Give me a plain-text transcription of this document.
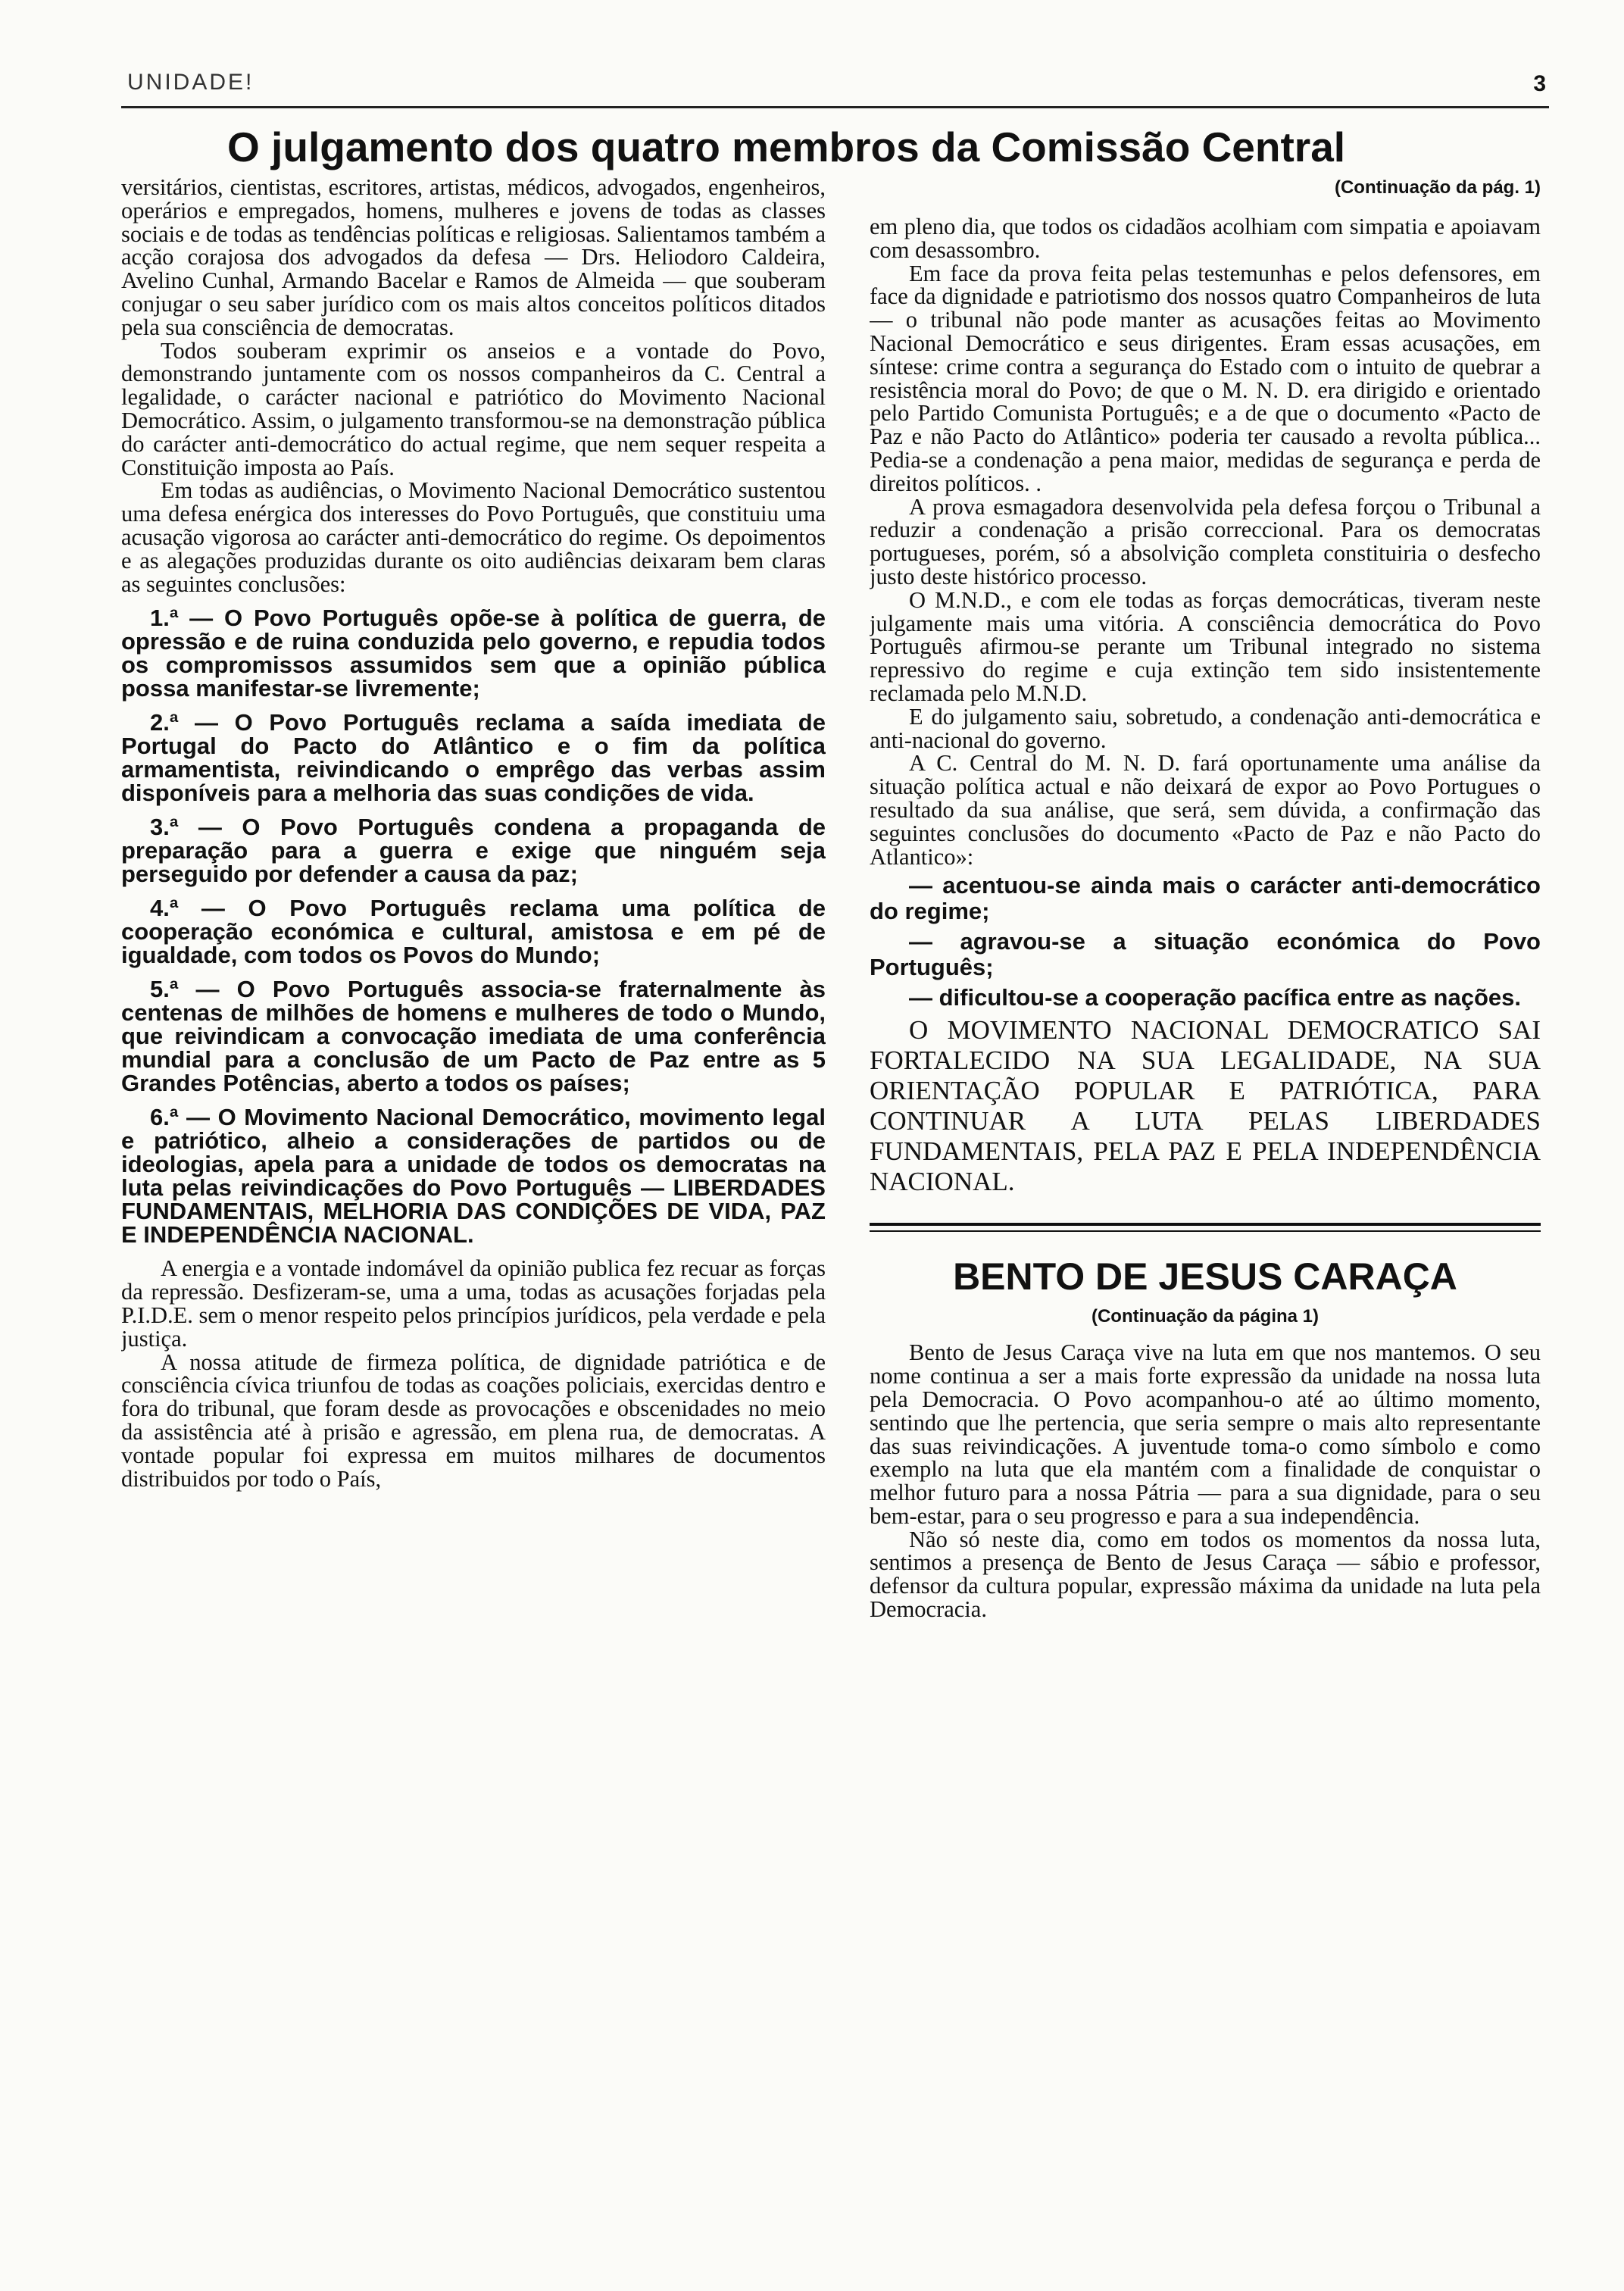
UNIDADE!	3
O julgamento dos quatro membros da Comissão Central

versitários, cientistas, escritores, artistas, médicos, advogados, engenheiros, operários e empregados, homens, mulheres e jovens de todas as classes sociais e de todas as tendências políticas e religiosas. Salientamos também a acção corajosa dos advogados da defesa — Drs. Heliodoro Caldeira, Avelino Cunhal, Armando Bacelar e Ramos de Almeida — que souberam conjugar o seu saber jurídico com os mais altos conceitos políticos ditados pela sua consciência de democratas.

Todos souberam exprimir os anseios e a vontade do Povo, demonstrando juntamente com os nossos companheiros da C. Central a legalidade, o carácter nacional e patriótico do Movimento Nacional Democrático. Assim, o julgamento transformou-se na demonstração pública do carácter anti-democrático do actual regime, que nem sequer respeita a Constituição imposta ao País.

Em todas as audiências, o Movimento Nacional Democrático sustentou uma defesa enérgica dos interesses do Povo Português, que constituiu uma acusação vigorosa ao carácter anti-democrático do regime. Os depoimentos e as alegações produzidas durante os oito audiências deixaram bem claras as seguintes conclusões:

1.ª — O Povo Português opõe-se à política de guerra, de opressão e de ruina conduzida pelo governo, e repudia todos os compromissos assumidos sem que a opinião pública possa manifestar-se livremente;

2.ª — O Povo Português reclama a saída imediata de Portugal do Pacto do Atlântico e o fim da política armamentista, reivindicando o emprêgo das verbas assim disponíveis para a melhoria das suas condições de vida.

3.ª — O Povo Português condena a propaganda de preparação para a guerra e exige que ninguém seja perseguido por defender a causa da paz;

4.ª — O Povo Português reclama uma política de cooperação económica e cultural, amistosa e em pé de igualdade, com todos os Povos do Mundo;

5.ª — O Povo Português associa-se fraternalmente às centenas de milhões de homens e mulheres de todo o Mundo, que reivindicam a convocação imediata de uma conferência mundial para a conclusão de um Pacto de Paz entre as 5 Grandes Potências, aberto a todos os países;

6.ª — O Movimento Nacional Democrático, movimento legal e patriótico, alheio a considerações de partidos ou de ideologias, apela para a unidade de todos os democratas na luta pelas reivindicações do Povo Português — LIBERDADES FUNDAMENTAIS, MELHORIA DAS CONDIÇÕES DE VIDA, PAZ E INDEPENDÊNCIA NACIONAL.

A energia e a vontade indomável da opinião publica fez recuar as forças da repressão. Desfizeram-se, uma a uma, todas as acusações forjadas pela P.I.D.E. sem o menor respeito pelos princípios jurídicos, pela verdade e pela justiça.

A nossa atitude de firmeza política, de dignidade patriótica e de consciência cívica triunfou de todas as coações policiais, exercidas dentro e fora do tribunal, que foram desde as provocações e obscenidades no meio da assistência até à prisão e agressão, em plena rua, de democratas. A vontade popular foi expressa em muitos milhares de documentos distribuidos por todo o País,

(Continuação da pág. 1)

em pleno dia, que todos os cidadãos acolhiam com simpatia e apoiavam com desassombro.

Em face da prova feita pelas testemunhas e pelos defensores, em face da dignidade e patriotismo dos nossos quatro Companheiros de luta — o tribunal não pode manter as acusações feitas ao Movimento Nacional Democrático e seus dirigentes. Eram essas acusações, em síntese: crime contra a segurança do Estado com o intuito de quebrar a resistência moral do Povo; de que o M. N. D. era dirigido e orientado pelo Partido Comunista Português; e a de que o documento «Pacto de Paz e não Pacto do Atlântico» poderia ter causado a revolta pública... Pedia-se a condenação a pena maior, medidas de segurança e perda de direitos políticos. .

A prova esmagadora desenvolvida pela defesa forçou o Tribunal a reduzir a condenação a prisão correccional. Para os democratas portugueses, porém, só a absolvição completa constituiria o desfecho justo deste histórico processo.

O M.N.D., e com ele todas as forças democráticas, tiveram neste julgamente mais uma vitória. A consciência democrática do Povo Português afirmou-se perante um Tribunal integrado no sistema repressivo do regime e cuja extinção tem sido insistentemente reclamada pelo M.N.D.

E do julgamento saiu, sobretudo, a condenação anti-democrática e anti-nacional do governo.

A C. Central do M. N. D. fará oportunamente uma análise da situação política actual e não deixará de expor ao Povo Portugues o resultado da sua análise, que será, sem dúvida, a confirmação das seguintes conclusões do documento «Pacto de Paz e não Pacto do Atlantico»:

— acentuou-se ainda mais o carácter anti-democrático do regime;

— agravou-se a situação económica do Povo Português;

— dificultou-se a cooperação pacífica entre as nações.

O MOVIMENTO NACIONAL DEMOCRATICO SAI FORTALECIDO NA SUA LEGALIDADE, NA SUA ORIENTAÇÃO POPULAR E PATRIÓTICA, PARA CONTINUAR A LUTA PELAS LIBERDADES FUNDAMENTAIS, PELA PAZ E PELA INDEPENDÊNCIA NACIONAL.

BENTO DE JESUS CARAÇA

(Continuação da página 1)

Bento de Jesus Caraça vive na luta em que nos mantemos. O seu nome continua a ser a mais forte expressão da unidade na nossa luta pela Democracia. O Povo acompanhou-o até ao último momento, sentindo que lhe pertencia, que seria sempre o mais alto representante das suas reivindicações. A juventude toma-o como símbolo e como exemplo na luta que ela mantém com a finalidade de conquistar o melhor futuro para a nossa Pátria — para a sua dignidade, para o seu bem-estar, para o seu progresso e para a sua independência.

Não só neste dia, como em todos os momentos da nossa luta, sentimos a presença de Bento de Jesus Caraça — sábio e professor, defensor da cultura popular, expressão máxima da unidade na luta pela Democracia.
